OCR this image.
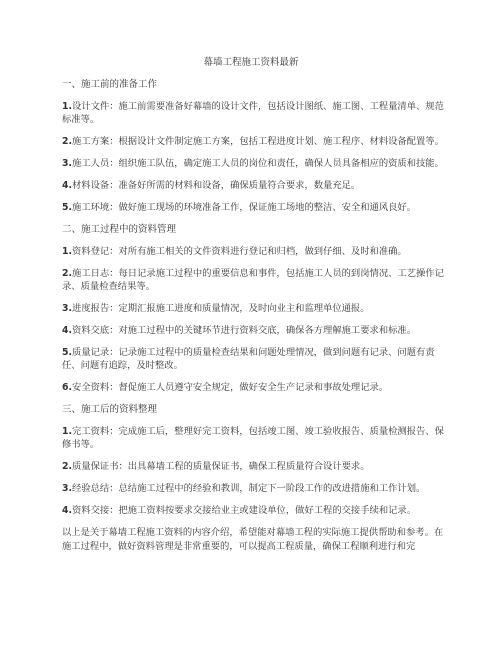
幕墙工程施工资料最新
一、施工前的准备工作
1.设计文件：施工前需要准备好幕墙的设计文件，包括设计图纸、施工图、工程量清单、规范标准等。
2.施工方案：根据设计文件制定施工方案，包括工程进度计划、施工程序、材料设备配置等。
3.施工人员：组织施工队伍，确定施工人员的岗位和责任，确保人员具备相应的资质和技能。
4.材料设备：准备好所需的材料和设备，确保质量符合要求，数量充足。
5.施工环境：做好施工现场的环境准备工作，保证施工场地的整洁、安全和通风良好。
二、施工过程中的资料管理
1.资料登记：对所有施工相关的文件资料进行登记和归档，做到仔细、及时和准确。
2.施工日志：每日记录施工过程中的重要信息和事件，包括施工人员的到岗情况、工艺操作记录、质量检查结果等。
3.进度报告：定期汇报施工进度和质量情况，及时向业主和监理单位通报。
4.资料交底：对施工过程中的关键环节进行资料交底，确保各方理解施工要求和标准。
5.质量记录：记录施工过程中的质量检查结果和问题处理情况，做到问题有记录、问题有责任、问题有追踪，及时整改。
6.安全资料：督促施工人员遵守安全规定，做好安全生产记录和事故处理记录。
三、施工后的资料整理
1.完工资料：完成施工后，整理好完工资料，包括竣工图、竣工验收报告、质量检测报告、保修书等。
2.质量保证书：出具幕墙工程的质量保证书，确保工程质量符合设计要求。
3.经验总结：总结施工过程中的经验和教训，制定下一阶段工作的改进措施和工作计划。
4.资料交接：把施工资料按要求交接给业主或建设单位，做好工程的交接手续和记录。
以上是关于幕墙工程施工资料的内容介绍，希望能对幕墙工程的实际施工提供帮助和参考。在施工过程中，做好资料管理是非常重要的，可以提高工程质量，确保工程顺利进行和完
